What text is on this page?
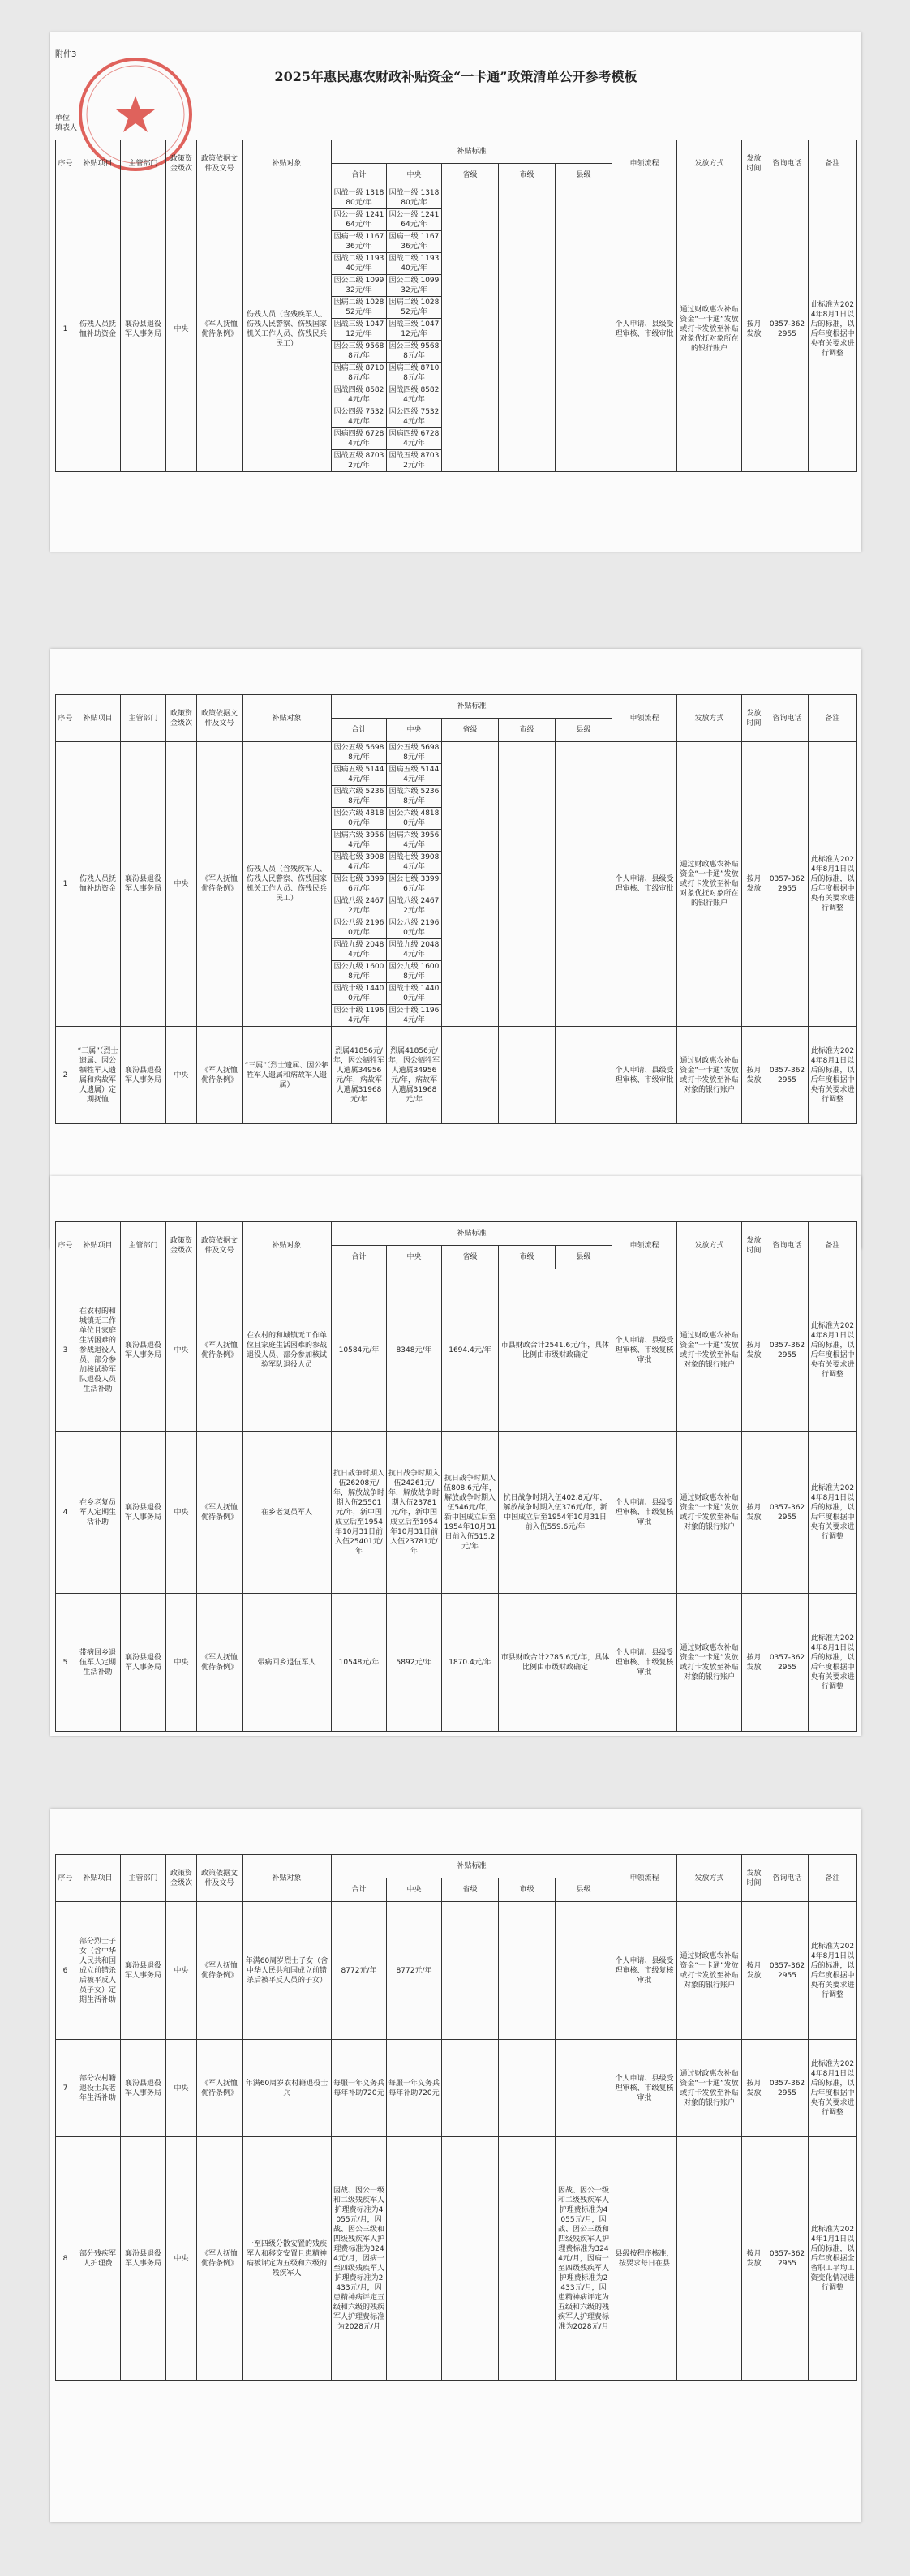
附件3
2025年惠民惠农财政补贴资金“一卡通”政策清单公开参考模板
单位
填表人
序号	补贴项目	主管部门	政策资金级次	政策依据文件及文号	补贴对象	补贴标准					申领流程	发放方式	发放时间	咨询电话	备注
						合计	中央	省级	市级	县级					
1	伤残人员抚恤补助资金	襄汾县退役军人事务局	中央	《军人抚恤优待条例》	伤残人员（含残疾军人、伤残人民警察、伤残国家机关工作人员、伤残民兵民工）	因战一级 131880元/年	因战一级 131880元/年				个人申请、县级受理审核、市级审批	通过财政惠农补贴资金“一卡通”发放或打卡发放至补贴对象优抚对象所在的银行账户	按月发放	0357-3622955	此标准为2024年8月1日以后的标准，以后年度根据中央有关要求进行调整
						因公一级 124164元/年	因公一级 124164元/年								
						因病一级 116736元/年	因病一级 116736元/年								
						因战二级 119340元/年	因战二级 119340元/年								
						因公二级 109932元/年	因公二级 109932元/年								
						因病二级 102852元/年	因病二级 102852元/年								
						因战三级 104712元/年	因战三级 104712元/年								
						因公三级 95688元/年	因公三级 95688元/年								
						因病三级 87108元/年	因病三级 87108元/年								
						因战四级 85824元/年	因战四级 85824元/年								
						因公四级 75324元/年	因公四级 75324元/年								
						因病四级 67284元/年	因病四级 67284元/年								
						因战五级 87032元/年	因战五级 87032元/年								
序号	补贴项目	主管部门	政策资金级次	政策依据文件及文号	补贴对象	补贴标准					申领流程	发放方式	发放时间	咨询电话	备注
						合计	中央	省级	市级	县级					
1	伤残人员抚恤补助资金	襄汾县退役军人事务局	中央	《军人抚恤优待条例》	伤残人员（含残疾军人、伤残人民警察、伤残国家机关工作人员、伤残民兵民工）	因公五级 56988元/年	因公五级 56988元/年				个人申请、县级受理审核、市级审批	通过财政惠农补贴资金“一卡通”发放或打卡发放至补贴对象优抚对象所在的银行账户	按月发放	0357-3622955	此标准为2024年8月1日以后的标准，以后年度根据中央有关要求进行调整
						因病五级 51444元/年	因病五级 51444元/年								
						因战六级 52368元/年	因战六级 52368元/年								
						因公六级 48180元/年	因公六级 48180元/年								
						因病六级 39564元/年	因病六级 39564元/年								
						因战七级 39084元/年	因战七级 39084元/年								
						因公七级 33996元/年	因公七级 33996元/年								
						因战八级 24672元/年	因战八级 24672元/年								
						因公八级 21960元/年	因公八级 21960元/年								
						因战九级 20484元/年	因战九级 20484元/年								
						因公九级 16008元/年	因公九级 16008元/年								
						因战十级 14400元/年	因战十级 14400元/年								
						因公十级 11964元/年	因公十级 11964元/年								
2	“三属”（烈士遗属、因公牺牲军人遗属和病故军人遗属）定期抚恤	襄汾县退役军人事务局	中央	《军人抚恤优待条例》	“三属”（烈士遗属、因公牺牲军人遗属和病故军人遗属）	烈属41856元/年，因公牺牲军人遗属34956元/年，病故军人遗属31968元/年	烈属41856元/年，因公牺牲军人遗属34956元/年，病故军人遗属31968元/年				个人申请、县级受理审核、市级审批	通过财政惠农补贴资金“一卡通”发放或打卡发放至补贴对象的银行账户	按月发放	0357-3622955	此标准为2024年8月1日以后的标准，以后年度根据中央有关要求进行调整
序号	补贴项目	主管部门	政策资金级次	政策依据文件及文号	补贴对象	补贴标准					申领流程	发放方式	发放时间	咨询电话	备注
						合计	中央	省级	市级	县级					
3	在农村的和城镇无工作单位且家庭生活困难的参战退役人员、部分参加核试验军队退役人员生活补助	襄汾县退役军人事务局	中央	《军人抚恤优待条例》	在农村的和城镇无工作单位且家庭生活困难的参战退役人员、部分参加核试验军队退役人员	10584元/年	8348元/年	1694.4元/年	市县财政合计2541.6元/年，具体比例由市级财政确定		个人申请、县级受理审核、市级复核审批	通过财政惠农补贴资金“一卡通”发放或打卡发放至补贴对象的银行账户	按月发放	0357-3622955	此标准为2024年8月1日以后的标准，以后年度根据中央有关要求进行调整
4	在乡老复员军人定期生活补助	襄汾县退役军人事务局	中央	《军人抚恤优待条例》	在乡老复员军人	抗日战争时期入伍26208元/年，解放战争时期入伍25501元/年，新中国成立后至1954年10月31日前入伍25401元/年	抗日战争时期入伍24261元/年，解放战争时期入伍23781元/年，新中国成立后至1954年10月31日前入伍23781元/年	抗日战争时期入伍808.6元/年，解放战争时期入伍546元/年，新中国成立后至1954年10月31日前入伍515.2元/年	抗日战争时期入伍402.8元/年，解放战争时期入伍376元/年，新中国成立后至1954年10月31日前入伍559.6元/年		个人申请、县级受理审核、市级复核审批	通过财政惠农补贴资金“一卡通”发放或打卡发放至补贴对象的银行账户	按月发放	0357-3622955	此标准为2024年8月1日以后的标准，以后年度根据中央有关要求进行调整
5	带病回乡退伍军人定期生活补助	襄汾县退役军人事务局	中央	《军人抚恤优待条例》	带病回乡退伍军人	10548元/年	5892元/年	1870.4元/年	市县财政合计2785.6元/年，具体比例由市级财政确定		个人申请、县级受理审核、市级复核审批	通过财政惠农补贴资金“一卡通”发放或打卡发放至补贴对象的银行账户	按月发放	0357-3622955	此标准为2024年8月1日以后的标准，以后年度根据中央有关要求进行调整
序号	补贴项目	主管部门	政策资金级次	政策依据文件及文号	补贴对象	补贴标准					申领流程	发放方式	发放时间	咨询电话	备注
						合计	中央	省级	市级	县级					
6	部分烈士子女（含中华人民共和国成立前错杀后被平反人员子女）定期生活补助	襄汾县退役军人事务局	中央	《军人抚恤优待条例》	年满60周岁烈士子女（含中华人民共和国成立前错杀后被平反人员的子女）	8772元/年	8772元/年				个人申请、县级受理审核、市级复核审批	通过财政惠农补贴资金“一卡通”发放或打卡发放至补贴对象的银行账户	按月发放	0357-3622955	此标准为2024年8月1日以后的标准，以后年度根据中央有关要求进行调整
7	部分农村籍退役士兵老年生活补助	襄汾县退役军人事务局	中央	《军人抚恤优待条例》	年满60周岁农村籍退役士兵	每服一年义务兵每年补助720元	每服一年义务兵每年补助720元				个人申请、县级受理审核、市级复核审批	通过财政惠农补贴资金“一卡通”发放或打卡发放至补贴对象的银行账户	按月发放	0357-3622955	此标准为2024年8月1日以后的标准，以后年度根据中央有关要求进行调整
8	部分残疾军人护理费	襄汾县退役军人事务局	中央	《军人抚恤优待条例》	一至四级分散安置的残疾军人和移交安置且患精神病被评定为五级和六级的残疾军人	因战、因公一级和二级残疾军人护理费标准为4055元/月，因战、因公三级和四级残疾军人护理费标准为3244元/月，因病一至四级残疾军人护理费标准为2433元/月，因患精神病评定五级和六级的残疾军人护理费标准为2028元/月				因战、因公一级和二级残疾军人护理费标准为4055元/月，因战、因公三级和四级残疾军人护理费标准为3244元/月，因病一至四级残疾军人护理费标准为2433元/月，因患精神病评定为五级和六级的残疾军人护理费标准为2028元/月	县级按程序核准，按要求每日在县		按月发放	0357-3622955	此标准为2024年1月1日以后的标准，以后年度根据全省职工平均工资变化情况进行调整
